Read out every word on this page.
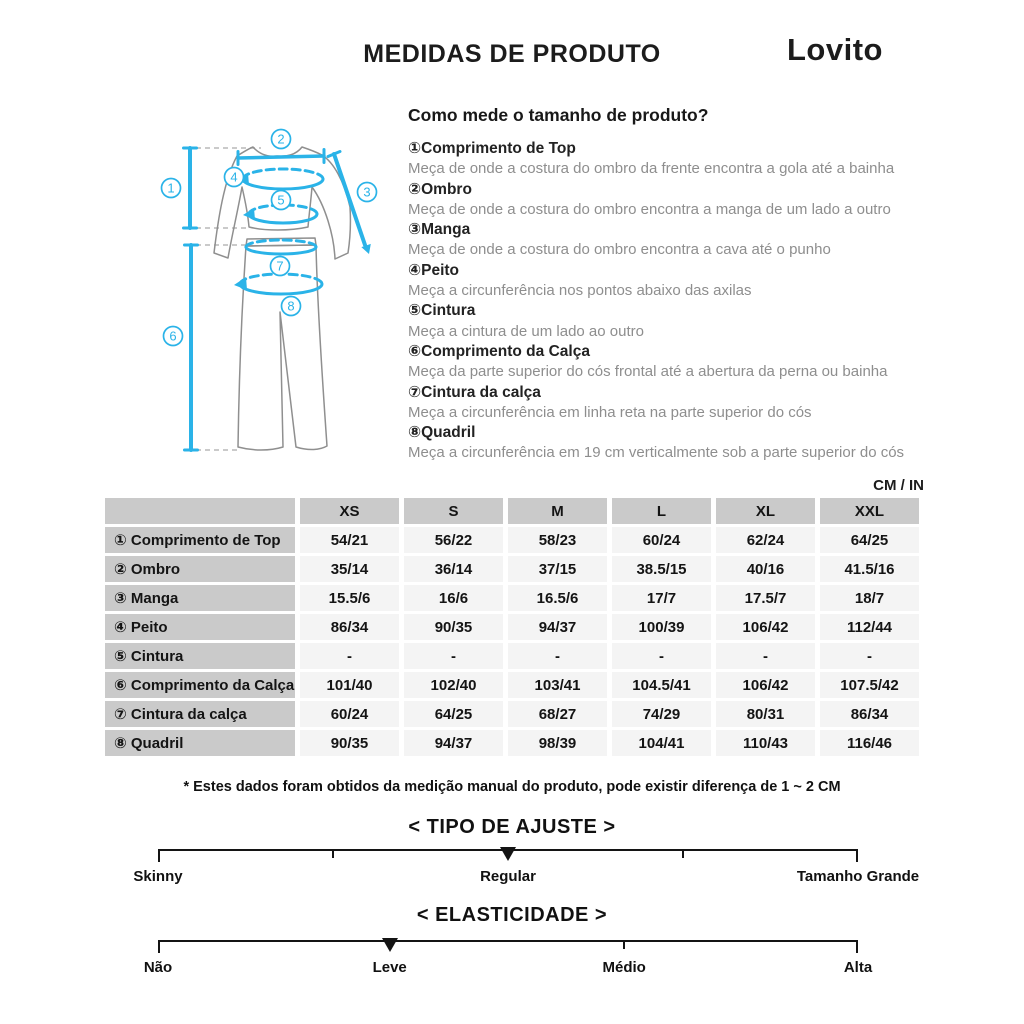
MEDIDAS DE PRODUTO	Lovito
1
2
3
4
5
6
7
8
Como mede o tamanho de produto?
①Comprimento de Top
Meça de onde a costura do ombro da frente encontra a gola até a bainha
②Ombro
Meça de onde a costura do ombro encontra a manga de um lado a outro
③Manga
Meça de onde a costura do ombro encontra a cava até o punho
④Peito
Meça a circunferência nos pontos abaixo das axilas
⑤Cintura
Meça a cintura de um lado ao outro
⑥Comprimento da Calça
Meça da parte superior do cós frontal até a abertura da perna ou bainha
⑦Cintura da calça
Meça a circunferência em linha reta na parte superior do cós
⑧Quadril
Meça a circunferência em 19 cm verticalmente sob a parte superior do cós
CM / IN
	XS	S	M	L	XL	XXL
① Comprimento de Top	54/21	56/22	58/23	60/24	62/24	64/25
② Ombro	35/14	36/14	37/15	38.5/15	40/16	41.5/16
③ Manga	15.5/6	16/6	16.5/6	17/7	17.5/7	18/7
④ Peito	86/34	90/35	94/37	100/39	106/42	112/44
⑤ Cintura	-	-	-	-	-	-
⑥ Comprimento da Calça	101/40	102/40	103/41	104.5/41	106/42	107.5/42
⑦ Cintura da calça	60/24	64/25	68/27	74/29	80/31	86/34
⑧ Quadril	90/35	94/37	98/39	104/41	110/43	116/46
* Estes dados foram obtidos da medição manual do produto, pode existir diferença de 1 ~ 2 CM
< TIPO DE AJUSTE >
Skinny	Regular	Tamanho Grande
< ELASTICIDADE >
Não	Leve	Médio	Alta
